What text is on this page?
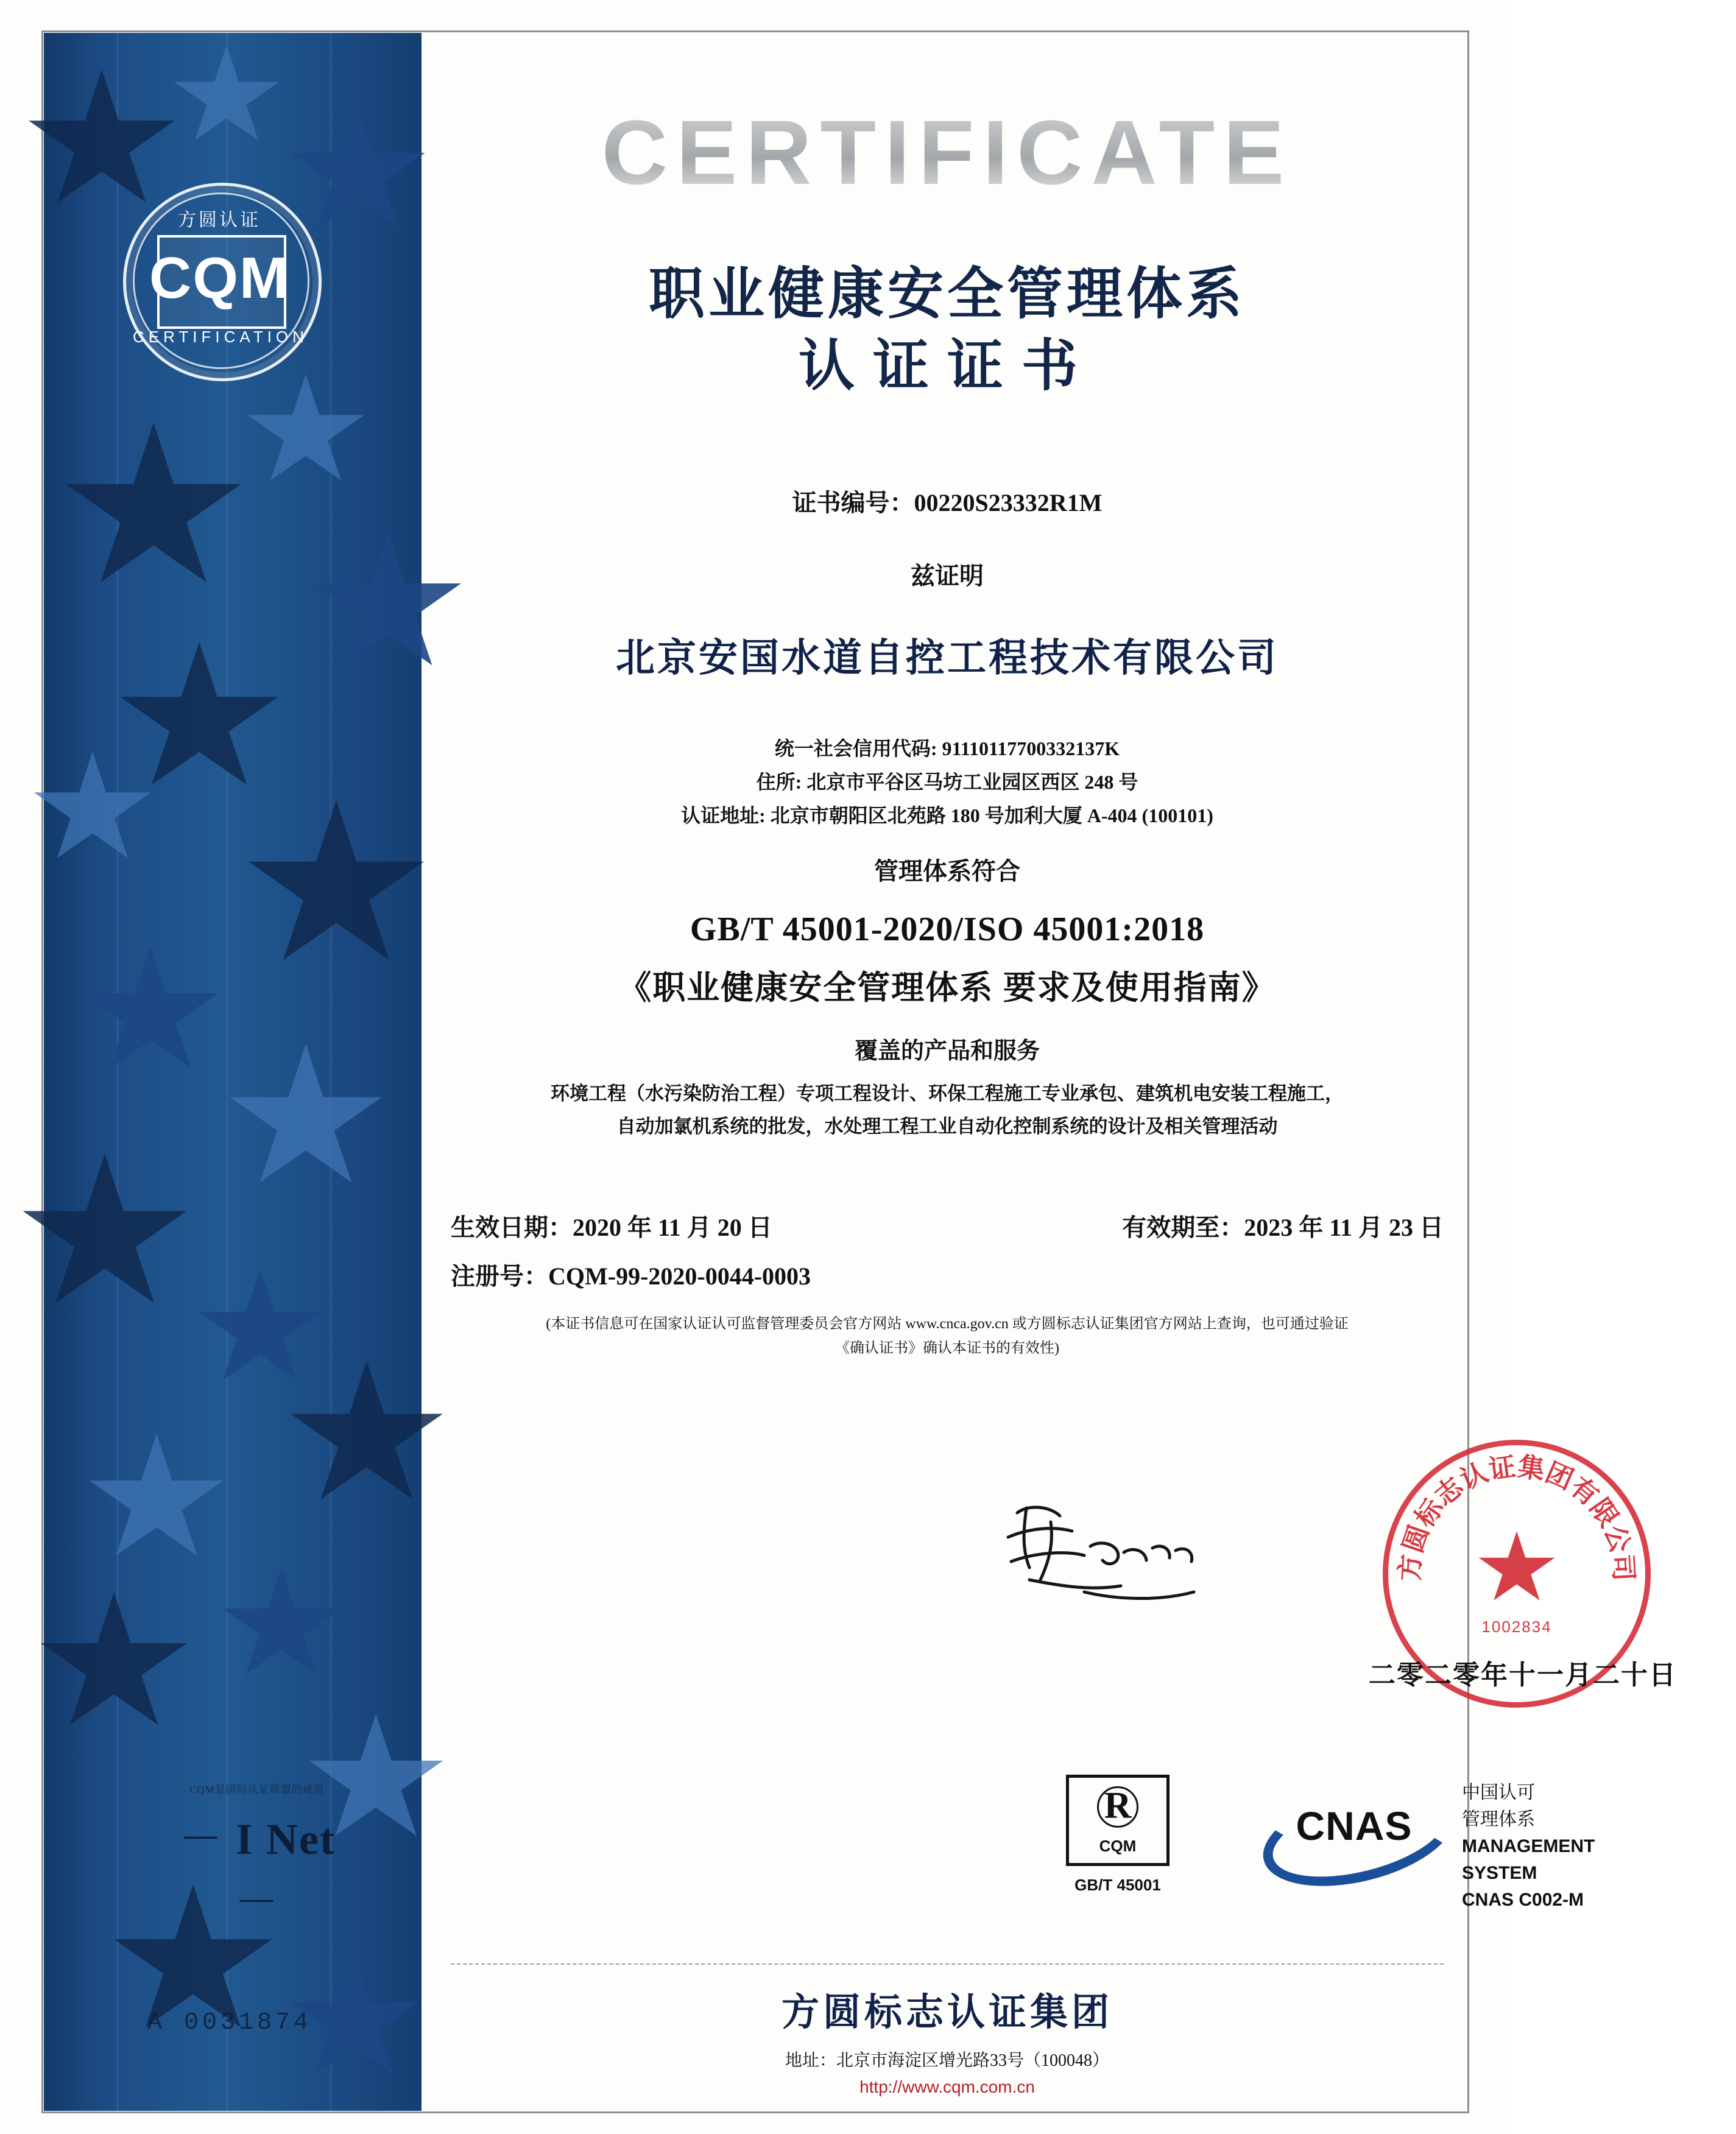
CQM是国际认证联盟的成员
－ I Net －
A 0031874
方圆认证
CQM
CERTIFICATION
CERTIFICATE
职业健康安全管理体系
认证证书
证书编号：00220S23332R1M
兹证明
北京安国水道自控工程技术有限公司
统一社会信用代码: 91110117700332137K
住所: 北京市平谷区马坊工业园区西区 248 号
认证地址: 北京市朝阳区北苑路 180 号加利大厦 A-404 (100101)
管理体系符合
GB/T 45001-2020/ISO 45001:2018
《职业健康安全管理体系 要求及使用指南》
覆盖的产品和服务
环境工程（水污染防治工程）专项工程设计、环保工程施工专业承包、建筑机电安装工程施工，
自动加氯机系统的批发，水处理工程工业自动化控制系统的设计及相关管理活动
生效日期：2020 年 11 月 20 日	有效期至：2023 年 11 月 23 日
注册号：CQM-99-2020-0044-0003
(本证书信息可在国家认证认可监督管理委员会官方网站 www.cnca.gov.cn 或方圆标志认证集团官方网站上查询，也可通过验证
《确认证书》确认本证书的有效性)
方圆标志认证集团有限公司
1002834
二零二零年十一月二十日
R
CQM
GB/T 45001
CNAS
中国认可
管理体系
MANAGEMENT SYSTEM
CNAS C002-M
方圆标志认证集团
地址：北京市海淀区增光路33号（100048）
http://www.cqm.com.cn
